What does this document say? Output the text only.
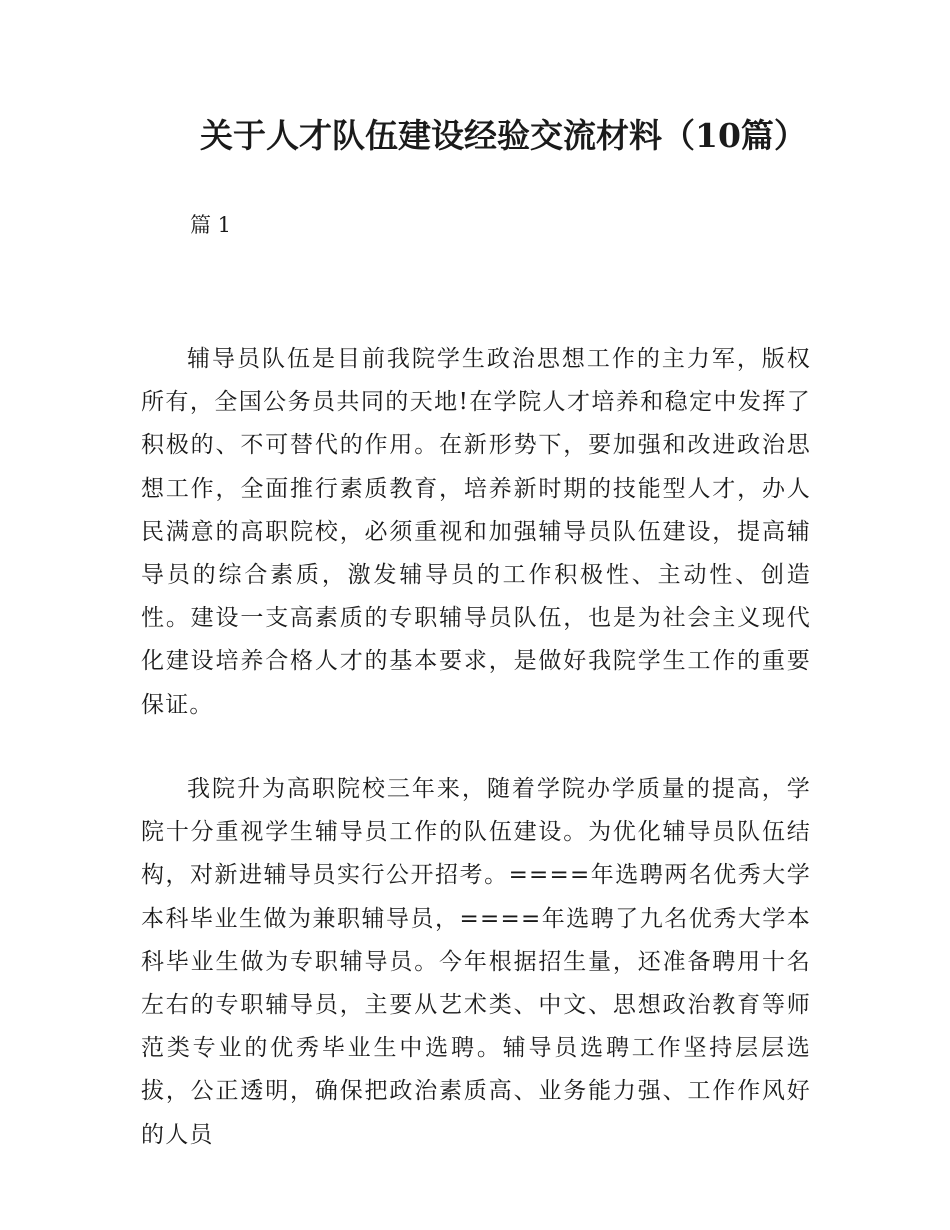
关于人才队伍建设经验交流材料（10篇）
篇 1

辅导员队伍是目前我院学生政治思想工作的主力军，版权所有，全国公务员共同的天地!在学院人才培养和稳定中发挥了积极的、不可替代的作用。在新形势下，要加强和改进政治思想工作，全面推行素质教育，培养新时期的技能型人才，办人民满意的高职院校，必须重视和加强辅导员队伍建设，提高辅导员的综合素质，激发辅导员的工作积极性、主动性、创造性。建设一支高素质的专职辅导员队伍，也是为社会主义现代化建设培养合格人才的基本要求，是做好我院学生工作的重要保证。

我院升为高职院校三年来，随着学院办学质量的提高，学院十分重视学生辅导员工作的队伍建设。为优化辅导员队伍结构，对新进辅导员实行公开招考。====年选聘两名优秀大学本科毕业生做为兼职辅导员，====年选聘了九名优秀大学本科毕业生做为专职辅导员。今年根据招生量，还准备聘用十名左右的专职辅导员，主要从艺术类、中文、思想政治教育等师范类专业的优秀毕业生中选聘。辅导员选聘工作坚持层层选拔，公正透明，确保把政治素质高、业务能力强、工作作风好的人员
